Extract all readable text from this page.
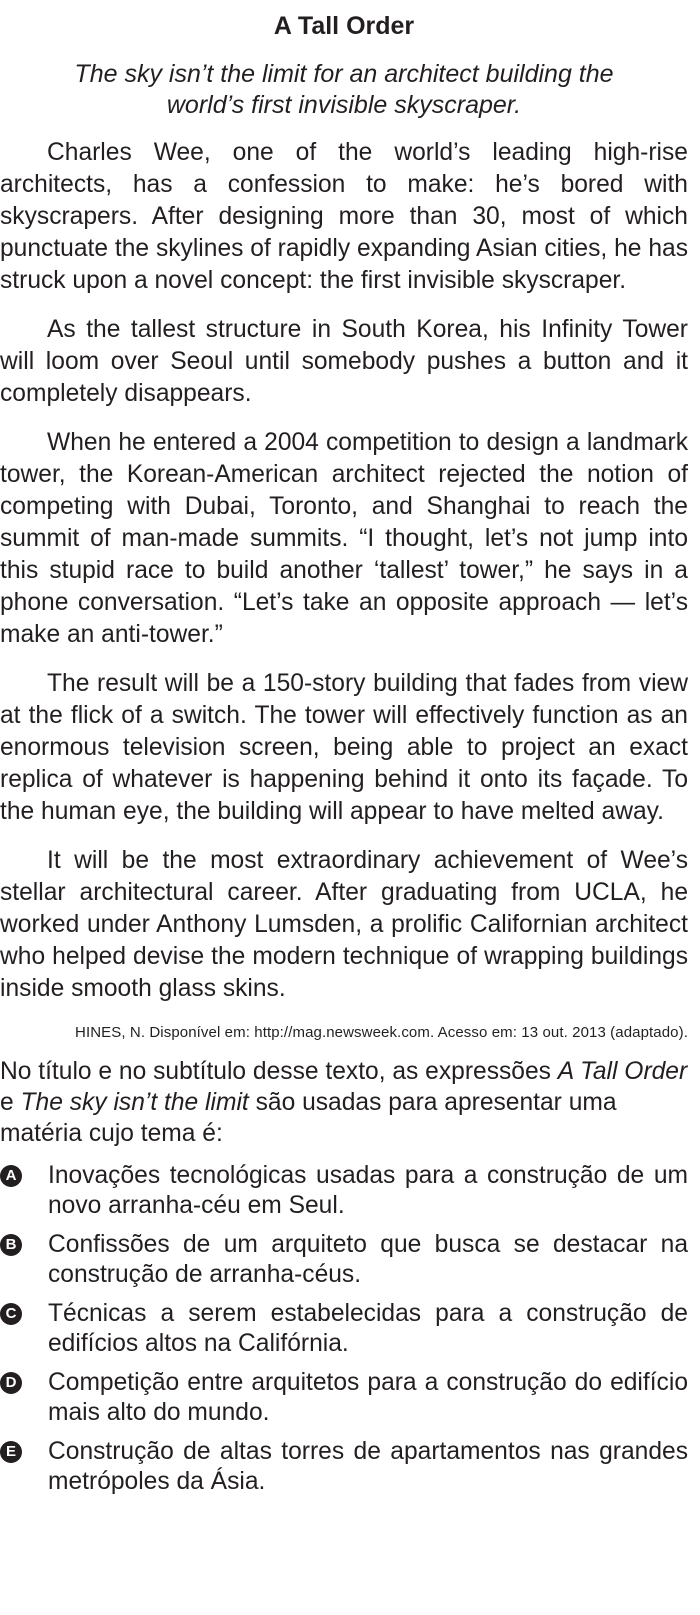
A Tall Order
The sky isn’t the limit for an architect building the
world’s first invisible skyscraper.

Charles Wee, one of the world’s leading high-rise architects, has a confession to make: he’s bored with skyscrapers. After designing more than 30, most of which punctuate the skylines of rapidly expanding Asian cities, he has struck upon a novel concept: the first invisible skyscraper.

As the tallest structure in South Korea, his Infinity Tower will loom over Seoul until somebody pushes a button and it completely disappears.

When he entered a 2004 competition to design a landmark tower, the Korean-American architect rejected the notion of competing with Dubai, Toronto, and Shanghai to reach the summit of man-made summits. “I thought, let’s not jump into this stupid race to build another ‘tallest’ tower,” he says in a phone conversation. “Let’s take an opposite approach — let’s make an anti-tower.”

The result will be a 150-story building that fades from view at the flick of a switch. The tower will effectively function as an enormous television screen, being able to project an exact replica of whatever is happening behind it onto its façade. To the human eye, the building will appear to have melted away.

It will be the most extraordinary achievement of Wee’s stellar architectural career. After graduating from UCLA, he worked under Anthony Lumsden, a prolific Californian architect who helped devise the modern technique of wrapping buildings inside smooth glass skins.

HINES, N. Disponível em: http://mag.newsweek.com. Acesso em: 13 out. 2013 (adaptado).

No título e no subtítulo desse texto, as expressões A Tall Order e The sky isn’t the limit são usadas para apresentar uma matéria cujo tema é:

A Inovações tecnológicas usadas para a construção de um novo arranha-céu em Seul.
B Confissões de um arquiteto que busca se destacar na construção de arranha-céus.
C Técnicas a serem estabelecidas para a construção de edifícios altos na Califórnia.
D Competição entre arquitetos para a construção do edifício mais alto do mundo.
E Construção de altas torres de apartamentos nas grandes metrópoles da Ásia.
